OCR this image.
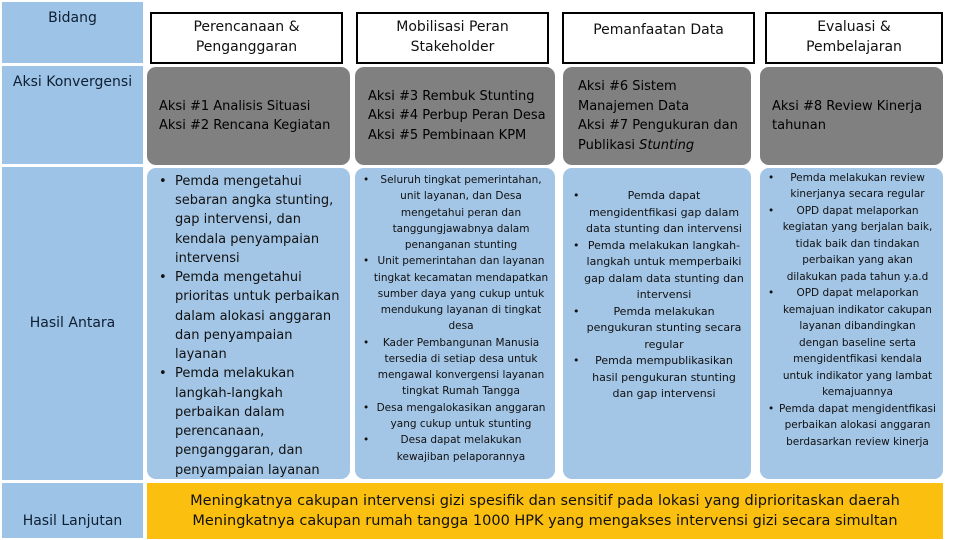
Bidang
Aksi Konvergensi
Hasil Antara
Hasil Lanjutan
Perencanaan & Penganggaran
Mobilisasi Peran Stakeholder
Pemanfaatan Data	Evaluasi & Pembelajaran
Aksi #1 Analisis Situasi
Aksi #2 Rencana Kegiatan
Aksi #3 Rembuk Stunting
Aksi #4 Perbup Peran Desa
Aksi #5 Pembinaan KPM
Aksi #6 Sistem Manajemen Data
Aksi #7 Pengukuran dan Publikasi Stunting
Aksi #8 Review Kinerja tahunan
• Pemda mengetahui sebaran angka stunting, gap intervensi, dan kendala penyampaian intervensi
• Pemda mengetahui prioritas untuk perbaikan dalam alokasi anggaran dan penyampaian layanan
• Pemda melakukan langkah-langkah perbaikan dalam perencanaan, penganggaran, dan penyampaian layanan
• Seluruh tingkat pemerintahan, unit layanan, dan Desa mengetahui peran dan tanggungjawabnya dalam penanganan stunting
• Unit pemerintahan dan layanan tingkat kecamatan mendapatkan sumber daya yang cukup untuk mendukung layanan di tingkat desa
• Kader Pembangunan Manusia tersedia di setiap desa untuk mengawal konvergensi layanan tingkat Rumah Tangga
• Desa mengalokasikan anggaran yang cukup untuk stunting
• Desa dapat melakukan kewajiban pelaporannya
• Pemda dapat mengidentfikasi gap dalam data stunting dan intervensi
• Pemda melakukan langkah-langkah untuk memperbaiki gap dalam data stunting dan intervensi
• Pemda melakukan pengukuran stunting secara regular
• Pemda mempublikasikan hasil pengukuran stunting dan gap intervensi
• Pemda melakukan review kinerjanya secara regular
• OPD dapat melaporkan kegiatan yang berjalan baik, tidak baik dan tindakan perbaikan yang akan dilakukan pada tahun y.a.d
• OPD dapat melaporkan kemajuan indikator cakupan layanan dibandingkan dengan baseline serta mengidentfikasi kendala untuk indikator yang lambat kemajuannya
• Pemda dapat mengidentfikasi perbaikan alokasi anggaran berdasarkan review kinerja
Meningkatnya cakupan intervensi gizi spesifik dan sensitif pada lokasi yang diprioritaskan daerah
Meningkatnya cakupan rumah tangga 1000 HPK yang mengakses intervensi gizi secara simultan
